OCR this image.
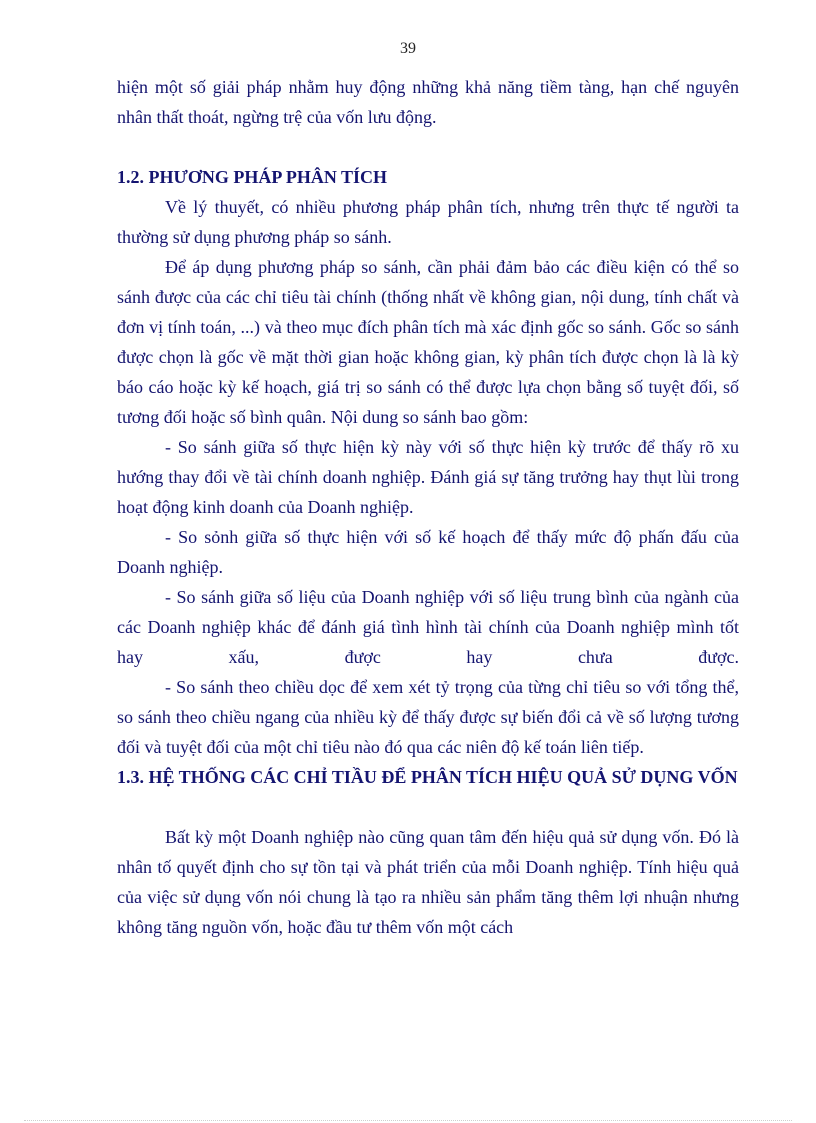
39

hiện một số giải pháp nhằm huy động những khả năng tiềm tàng, hạn chế nguyên nhân thất thoát, ngừng trệ của vốn lưu động.

1.2. PHƯƠNG PHÁP PHÂN TÍCH

Về lý thuyết, có nhiều phương pháp phân tích, nhưng trên thực tế người ta thường sử dụng phương pháp so sánh.

Để áp dụng phương pháp so sánh, cần phải đảm bảo các điều kiện có thể so sánh được của các chỉ tiêu tài chính (thống nhất về không gian, nội dung, tính chất và đơn vị tính toán, ...) và theo mục đích phân tích mà xác định gốc so sánh. Gốc so sánh được chọn là gốc về mặt thời gian hoặc không gian, kỳ phân tích được chọn là là kỳ báo cáo hoặc kỳ kế hoạch, giá trị so sánh có thể được lựa chọn bằng số tuyệt đối, số tương đối hoặc số bình quân. Nội dung so sánh bao gồm:

- So sánh giữa số thực hiện kỳ này với số thực hiện kỳ trước để thấy rõ xu hướng thay đổi về tài chính doanh nghiệp. Đánh giá sự tăng trưởng hay thụt lùi trong hoạt động kinh doanh của Doanh nghiệp.

- So sỏnh giữa số thực hiện với số kế hoạch để thấy mức độ phấn đấu của Doanh nghiệp.

- So sánh giữa số liệu của Doanh nghiệp với số liệu trung bình của ngành của các Doanh nghiệp khác để đánh giá tình hình tài chính của Doanh nghiệp mình tốt hay xấu, được hay chưa được.

- So sánh theo chiều dọc để xem xét tỷ trọng của từng chỉ tiêu so với tổng thể, so sánh theo chiều ngang của nhiều kỳ để thấy được sự biến đổi cả về số lượng tương đối và tuyệt đối của một chỉ tiêu nào đó qua các niên độ kế toán liên tiếp.

1.3. HỆ THỐNG CÁC CHỈ TIẦU ĐỂ PHÂN TÍCH HIỆU QUẢ SỬ DỤNG VỐN

Bất kỳ một Doanh nghiệp nào cũng quan tâm đến hiệu quả sử dụng vốn. Đó là nhân tố quyết định cho sự tồn tại và phát triển của mỗi Doanh nghiệp. Tính hiệu quả của việc sử dụng vốn nói chung là tạo ra nhiều sản phẩm tăng thêm lợi nhuận nhưng không tăng nguồn vốn, hoặc đầu tư thêm vốn một cách
